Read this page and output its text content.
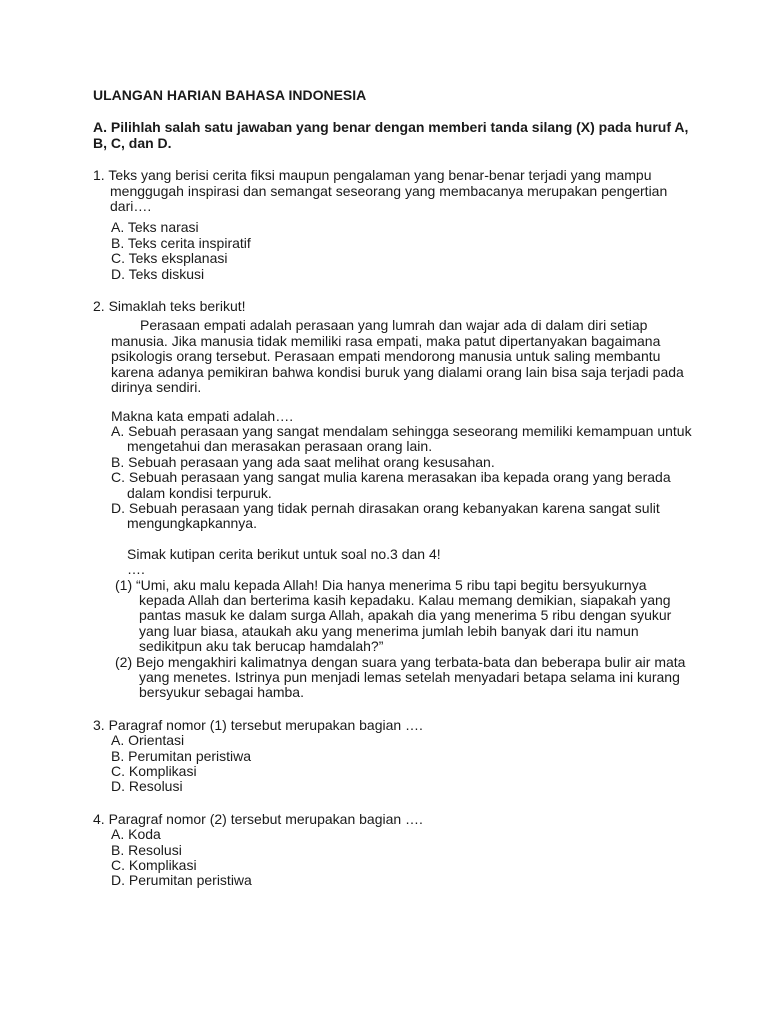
ULANGAN HARIAN BAHASA INDONESIA
A. Pilihlah salah satu jawaban yang benar dengan memberi tanda silang (X) pada huruf A, B, C, dan D.
1. Teks yang berisi cerita fiksi maupun pengalaman yang benar-benar terjadi yang mampu menggugah inspirasi dan semangat seseorang yang membacanya merupakan pengertian dari….
A. Teks narasi
B. Teks cerita inspiratif
C. Teks eksplanasi
D. Teks diskusi
2. Simaklah teks berikut!
Perasaan empati adalah perasaan yang lumrah dan wajar ada di dalam diri setiap manusia. Jika manusia tidak memiliki rasa empati, maka patut dipertanyakan bagaimana psikologis orang tersebut. Perasaan empati mendorong manusia untuk saling membantu karena adanya pemikiran bahwa kondisi buruk yang dialami orang lain bisa saja terjadi pada dirinya sendiri.
Makna kata empati adalah….
A. Sebuah perasaan yang sangat mendalam sehingga seseorang memiliki kemampuan untuk mengetahui dan merasakan perasaan orang lain.
B. Sebuah perasaan yang ada saat melihat orang kesusahan.
C. Sebuah perasaan yang sangat mulia karena merasakan iba kepada orang yang berada dalam kondisi terpuruk.
D. Sebuah perasaan yang tidak pernah dirasakan orang kebanyakan karena sangat sulit mengungkapkannya.
Simak kutipan cerita berikut untuk soal no.3 dan 4!
….
(1) “Umi, aku malu kepada Allah! Dia hanya menerima 5 ribu tapi begitu bersyukurnya kepada Allah dan berterima kasih kepadaku. Kalau memang demikian, siapakah yang pantas masuk ke dalam surga Allah, apakah dia yang menerima 5 ribu dengan syukur yang luar biasa, ataukah aku yang menerima jumlah lebih banyak dari itu namun sedikitpun aku tak berucap hamdalah?”
(2) Bejo mengakhiri kalimatnya dengan suara yang terbata-bata dan beberapa bulir air mata yang menetes. Istrinya pun menjadi lemas setelah menyadari betapa selama ini kurang bersyukur sebagai hamba.
3. Paragraf nomor (1) tersebut merupakan bagian ….
A. Orientasi
B. Perumitan peristiwa
C. Komplikasi
D. Resolusi
4. Paragraf nomor (2) tersebut merupakan bagian ….
A. Koda
B. Resolusi
C. Komplikasi
D. Perumitan peristiwa
